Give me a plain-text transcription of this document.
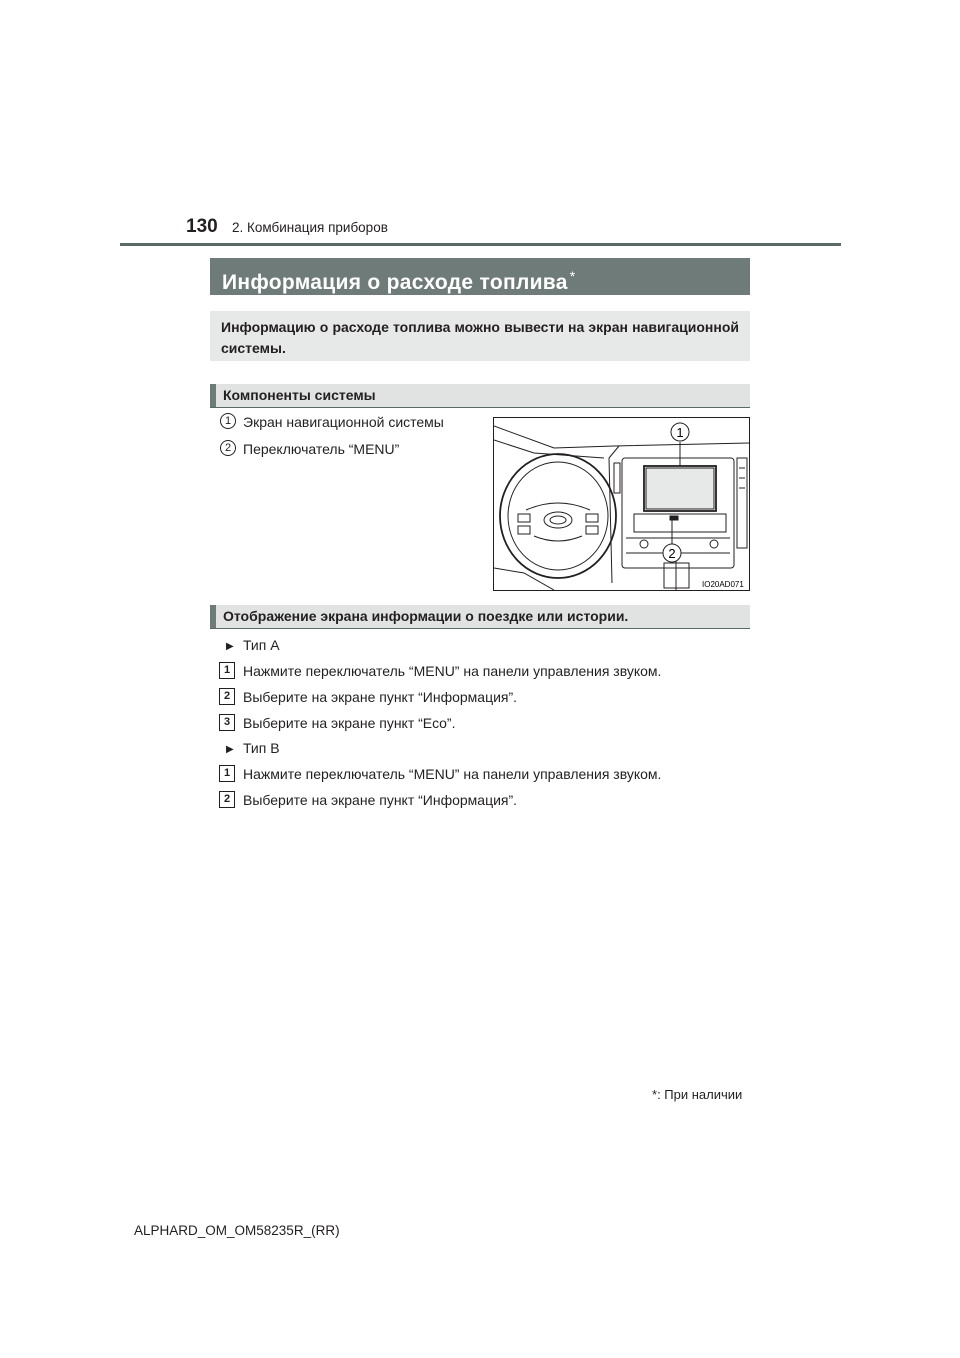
130 2. Комбинация приборов
Информация о расходе топлива *
Информацию о расходе топлива можно вывести на экран навигационной системы.
Компоненты системы
1 Экран навигационной системы
2 Переключатель “MENU”
1
2
IO20AD071
Отображение экрана информации о поездке или истории.
▶ Тип A
1 Нажмите переключатель “MENU” на панели управления звуком.
2 Выберите на экране пункт “Информация”.
3 Выберите на экране пункт “Eco”.
▶ Тип B
1 Нажмите переключатель “MENU” на панели управления звуком.
2 Выберите на экране пункт “Информация”.
*: При наличии
ALPHARD_OM_OM58235R_(RR)
